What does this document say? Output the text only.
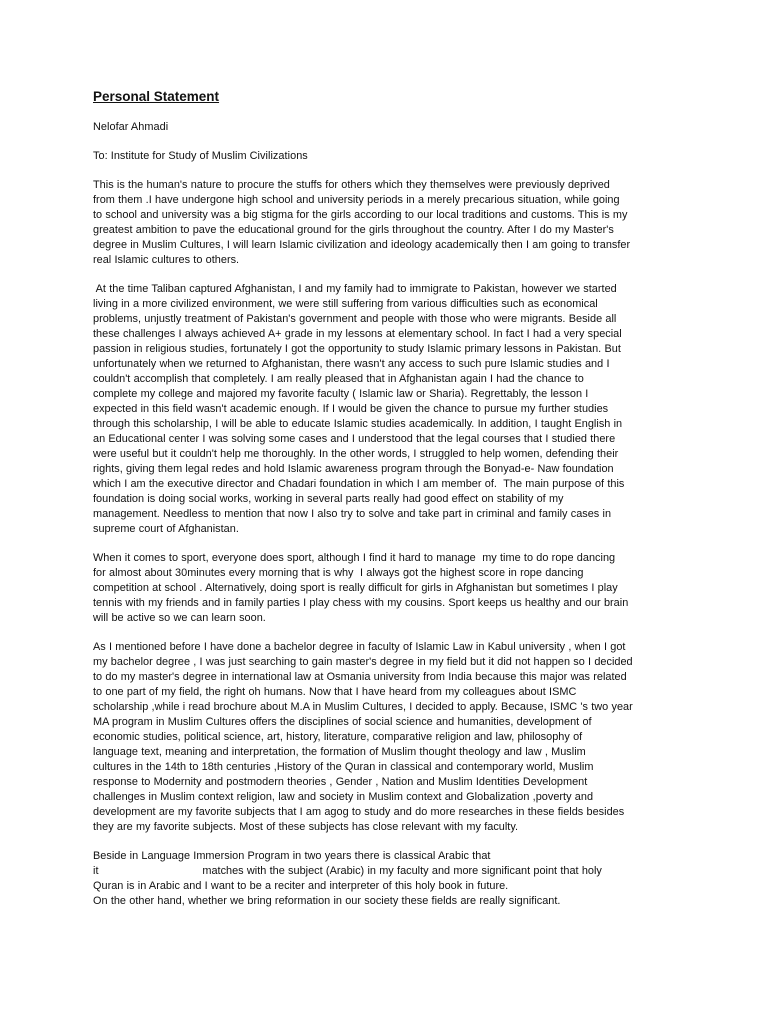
Personal Statement
Nelofar Ahmadi
To: Institute for Study of Muslim Civilizations
This is the human's nature to procure the stuffs for others which they themselves were previously deprived
from them .I have undergone high school and university periods in a merely precarious situation, while going
to school and university was a big stigma for the girls according to our local traditions and customs. This is my
greatest ambition to pave the educational ground for the girls throughout the country. After I do my Master's
degree in Muslim Cultures, I will learn Islamic civilization and ideology academically then I am going to transfer
real Islamic cultures to others.
At the time Taliban captured Afghanistan, I and my family had to immigrate to Pakistan, however we started
living in a more civilized environment, we were still suffering from various difficulties such as economical
problems, unjustly treatment of Pakistan's government and people with those who were migrants. Beside all
these challenges I always achieved A+ grade in my lessons at elementary school. In fact I had a very special
passion in religious studies, fortunately I got the opportunity to study Islamic primary lessons in Pakistan. But
unfortunately when we returned to Afghanistan, there wasn't any access to such pure Islamic studies and I
couldn't accomplish that completely. I am really pleased that in Afghanistan again I had the chance to
complete my college and majored my favorite faculty ( Islamic law or Sharia). Regrettably, the lesson I
expected in this field wasn't academic enough. If I would be given the chance to pursue my further studies
through this scholarship, I will be able to educate Islamic studies academically. In addition, I taught English in
an Educational center I was solving some cases and I understood that the legal courses that I studied there
were useful but it couldn't help me thoroughly. In the other words, I struggled to help women, defending their
rights, giving them legal redes and hold Islamic awareness program through the Bonyad-e- Naw foundation
which I am the executive director and Chadari foundation in which I am member of.  The main purpose of this
foundation is doing social works, working in several parts really had good effect on stability of my
management. Needless to mention that now I also try to solve and take part in criminal and family cases in
supreme court of Afghanistan.
When it comes to sport, everyone does sport, although I find it hard to manage  my time to do rope dancing
for almost about 30minutes every morning that is why  I always got the highest score in rope dancing
competition at school . Alternatively, doing sport is really difficult for girls in Afghanistan but sometimes I play
tennis with my friends and in family parties I play chess with my cousins. Sport keeps us healthy and our brain
will be active so we can learn soon.
As I mentioned before I have done a bachelor degree in faculty of Islamic Law in Kabul university , when I got
my bachelor degree , I was just searching to gain master's degree in my field but it did not happen so I decided
to do my master's degree in international law at Osmania university from India because this major was related
to one part of my field, the right oh humans. Now that I have heard from my colleagues about ISMC
scholarship ,while i read brochure about M.A in Muslim Cultures, I decided to apply. Because, ISMC 's two year
MA program in Muslim Cultures offers the disciplines of social science and humanities, development of
economic studies, political science, art, history, literature, comparative religion and law, philosophy of
language text, meaning and interpretation, the formation of Muslim thought theology and law , Muslim
cultures in the 14th to 18th centuries ,History of the Quran in classical and contemporary world, Muslim
response to Modernity and postmodern theories , Gender , Nation and Muslim Identities Development
challenges in Muslim context religion, law and society in Muslim context and Globalization ,poverty and
development are my favorite subjects that I am agog to study and do more researches in these fields besides
they are my favorite subjects. Most of these subjects has close relevant with my faculty.
Beside in Language Immersion Program in two years there is classical Arabic that
it                                matches with the subject (Arabic) in my faculty and more significant point that holy
Quran is in Arabic and I want to be a reciter and interpreter of this holy book in future.
On the other hand, whether we bring reformation in our society these fields are really significant.
